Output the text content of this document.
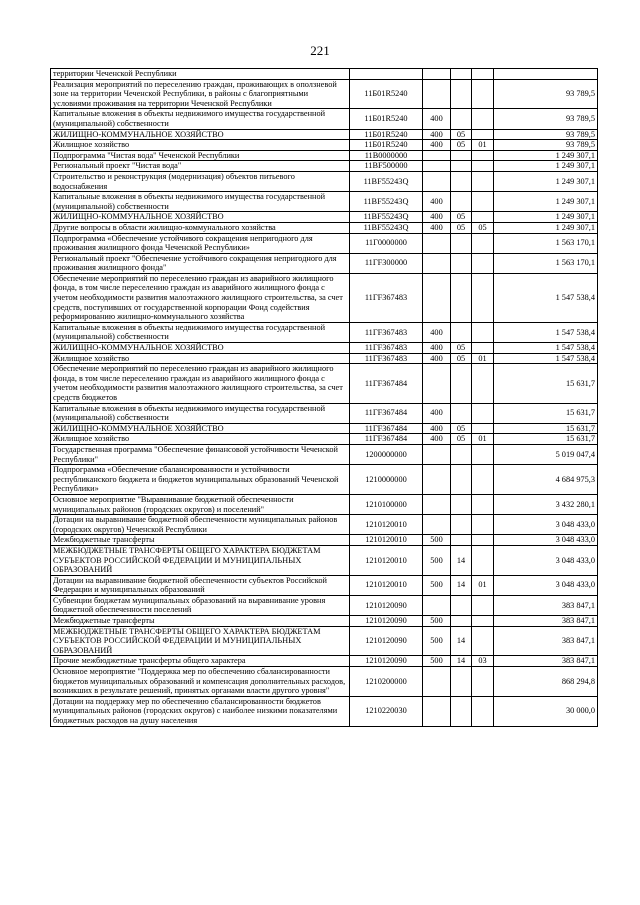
221
территории Чеченской Республики					
Реализация мероприятий по переселению граждан, проживающих в оползневой зоне на территории Чеченской Республики, в районы с благоприятными условиями проживания на территории Чеченской Республики	11Б01R5240				93 789,5
Капитальные вложения в объекты недвижимого имущества государственной (муниципальной) собственности	11Б01R5240	400			93 789,5
ЖИЛИЩНО-КОММУНАЛЬНОЕ ХОЗЯЙСТВО	11Б01R5240	400	05		93 789,5
Жилищное хозяйство	11Б01R5240	400	05	01	93 789,5
Подпрограмма "Чистая вода" Чеченской Республики	11В0000000				1 249 307,1
Региональный проект "Чистая вода"	11ВF500000				1 249 307,1
Строительство и реконструкция (модернизация) объектов питьевого водоснабжения	11ВF55243Q				1 249 307,1
Капитальные вложения в объекты недвижимого имущества государственной (муниципальной) собственности	11ВF55243Q	400			1 249 307,1
ЖИЛИЩНО-КОММУНАЛЬНОЕ ХОЗЯЙСТВО	11ВF55243Q	400	05		1 249 307,1
Другие вопросы в области жилищно-коммунального хозяйства	11ВF55243Q	400	05	05	1 249 307,1
Подпрограмма «Обеспечение устойчивого сокращения непригодного для проживания жилищного фонда Чеченской Республики»	11Г0000000				1 563 170,1
Региональный проект "Обеспечение устойчивого сокращения непригодного для проживания жилищного фонда"	11ГF300000				1 563 170,1
Обеспечение мероприятий по переселению граждан из аварийного жилищного фонда, в том числе переселению граждан из аварийного жилищного фонда с учетом необходимости развития малоэтажного жилищного строительства, за счет средств, поступивших от государственной корпорации Фонд содействия реформированию жилищно-коммунального хозяйства	11ГF367483				1 547 538,4
Капитальные вложения в объекты недвижимого имущества государственной (муниципальной) собственности	11ГF367483	400			1 547 538,4
ЖИЛИЩНО-КОММУНАЛЬНОЕ ХОЗЯЙСТВО	11ГF367483	400	05		1 547 538,4
Жилищное хозяйство	11ГF367483	400	05	01	1 547 538,4
Обеспечение мероприятий по переселению граждан из аварийного жилищного фонда, в том числе переселению граждан из аварийного жилищного фонда с учетом необходимости развития малоэтажного жилищного строительства, за счет средств бюджетов	11ГF367484				15 631,7
Капитальные вложения в объекты недвижимого имущества государственной (муниципальной) собственности	11ГF367484	400			15 631,7
ЖИЛИЩНО-КОММУНАЛЬНОЕ ХОЗЯЙСТВО	11ГF367484	400	05		15 631,7
Жилищное хозяйство	11ГF367484	400	05	01	15 631,7
Государственная программа "Обеспечение финансовой устойчивости Чеченской Республики"	1200000000				5 019 047,4
Подпрограмма «Обеспечение сбалансированности и устойчивости республиканского бюджета и бюджетов муниципальных образований Чеченской Республики»	1210000000				4 684 975,3
Основное мероприятие "Выравнивание бюджетной обеспеченности муниципальных районов (городских округов) и поселений"	1210100000				3 432 280,1
Дотации на выравнивание бюджетной обеспеченности муниципальных районов (городских округов) Чеченской Республики	1210120010				3 048 433,0
Межбюджетные трансферты	1210120010	500			3 048 433,0
МЕЖБЮДЖЕТНЫЕ ТРАНСФЕРТЫ ОБЩЕГО ХАРАКТЕРА БЮДЖЕТАМ СУБЪЕКТОВ РОССИЙСКОЙ ФЕДЕРАЦИИ И МУНИЦИПАЛЬНЫХ ОБРАЗОВАНИЙ	1210120010	500	14		3 048 433,0
Дотации на выравнивание бюджетной обеспеченности субъектов Российской Федерации и муниципальных образований	1210120010	500	14	01	3 048 433,0
Субвенции бюджетам муниципальных образований на выравнивание уровня бюджетной обеспеченности поселений	1210120090				383 847,1
Межбюджетные трансферты	1210120090	500			383 847,1
МЕЖБЮДЖЕТНЫЕ ТРАНСФЕРТЫ ОБЩЕГО ХАРАКТЕРА БЮДЖЕТАМ СУБЪЕКТОВ РОССИЙСКОЙ ФЕДЕРАЦИИ И МУНИЦИПАЛЬНЫХ ОБРАЗОВАНИЙ	1210120090	500	14		383 847,1
Прочие межбюджетные трансферты общего характера	1210120090	500	14	03	383 847,1
Основное мероприятие "Поддержка мер по обеспечению сбалансированности бюджетов муниципальных образований и компенсация дополнительных расходов, возникших в результате решений, принятых органами власти другого уровня"	1210200000				868 294,8
Дотации на поддержку мер по обеспечению сбалансированности бюджетов муниципальных районов (городских округов) с наиболее низкими показателями бюджетных расходов на душу населения	1210220030				30 000,0
